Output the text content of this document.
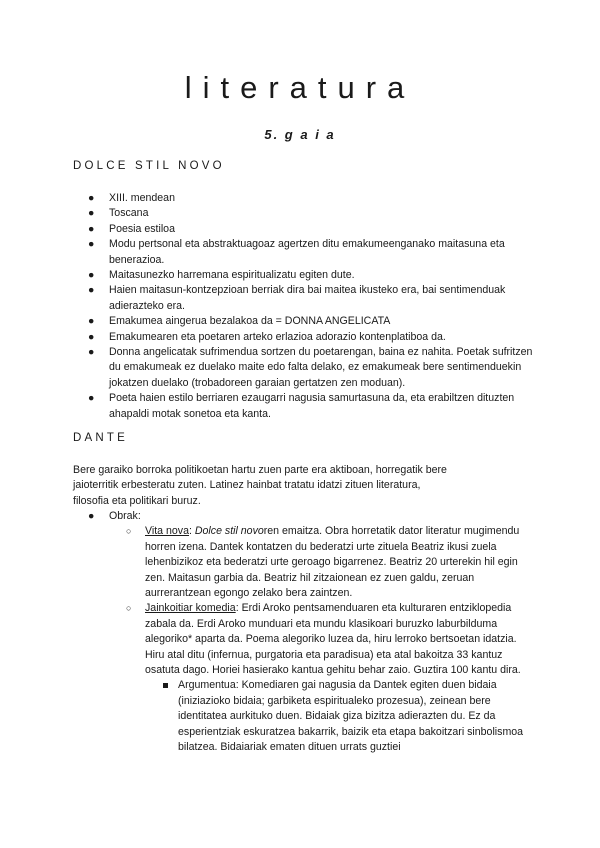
literatura

5. g a i a

DOLCE STIL NOVO

● XIII. mendean
● Toscana
● Poesia estiloa
● Modu pertsonal eta abstraktuagoaz agertzen ditu emakumeenganako maitasuna eta benerazioa.
● Maitasunezko harremana espiritualizatu egiten dute.
● Haien maitasun-kontzepzioan berriak dira bai maitea ikusteko era, bai sentimenduak adierazteko era.
● Emakumea aingerua bezalakoa da = DONNA ANGELICATA
● Emakumearen eta poetaren arteko erlazioa adorazio kontenplatiboa da.
● Donna angelicatak sufrimendua sortzen du poetarengan, baina ez nahita. Poetak sufritzen du emakumeak ez duelako maite edo falta delako, ez emakumeak bere sentimenduekin jokatzen duelako (trobadoreen garaian gertatzen zen moduan).
● Poeta haien estilo berriaren ezaugarri nagusia samurtasuna da, eta erabiltzen dituzten ahapaldi motak sonetoa eta kanta.

DANTE

Bere garaiko borroka politikoetan hartu zuen parte era aktiboan, horregatik bere
jaioterritik erbesteratu zuten. Latinez hainbat tratatu idatzi zituen literatura,
filosofia eta politikari buruz.
● Obrak:
○ Vita nova: Dolce stil novoren emaitza. Obra horretatik dator literatur mugimendu horren izena. Dantek kontatzen du bederatzi urte zituela Beatriz ikusi zuela lehenbizikoz eta bederatzi urte geroago bigarrenez. Beatriz 20 urterekin hil egin zen. Maitasun garbia da. Beatriz hil zitzaionean ez zuen galdu, zeruan aurrerantzean egongo zelako bera zaintzen.
○ Jainkoitiar komedia: Erdi Aroko pentsamenduaren eta kulturaren entziklopedia zabala da. Erdi Aroko munduari eta mundu klasikoari buruzko laburbilduma alegoriko* aparta da. Poema alegoriko luzea da, hiru lerroko bertsoetan idatzia. Hiru atal ditu (infernua, purgatoria eta paradisua) eta atal bakoitza 33 kantuz osatuta dago. Horiei hasierako kantua gehitu behar zaio. Guztira 100 kantu dira.
Argumentua: Komediaren gai nagusia da Dantek egiten duen bidaia (iniziazioko bidaia; garbiketa espiritualeko prozesua), zeinean bere identitatea aurkituko duen. Bidaiak giza bizitza adierazten du. Ez da esperientziak eskuratzea bakarrik, baizik eta etapa bakoitzari sinbolismoa bilatzea. Bidaiariak ematen dituen urrats guztiei
